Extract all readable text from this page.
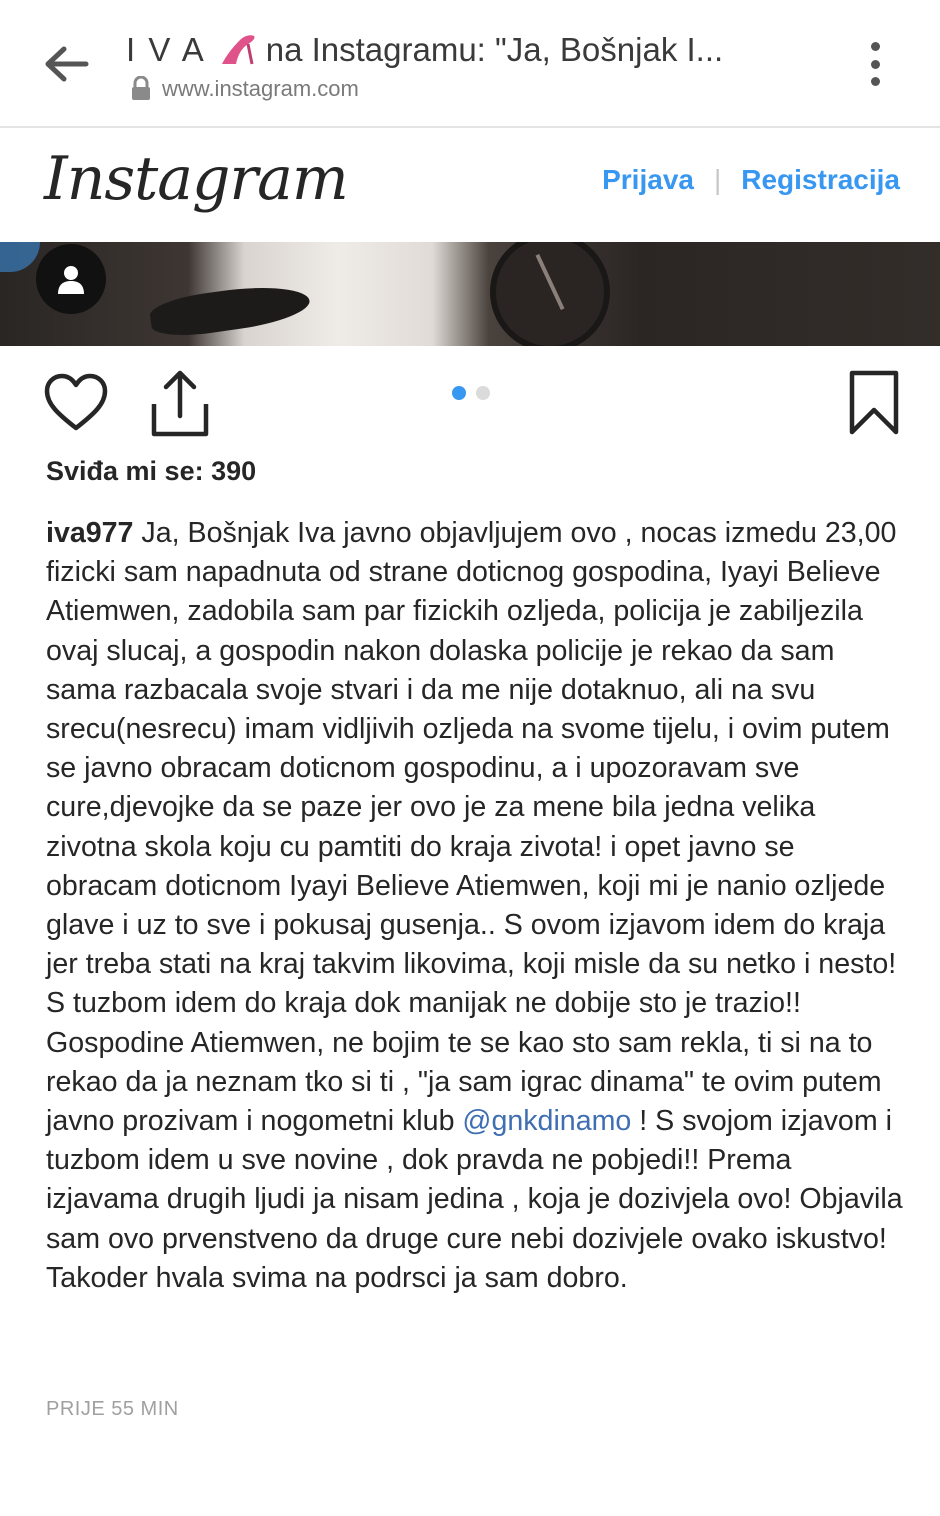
I V A na Instagramu: "Ja, Bošnjak I...
www.instagram.com
Instagram	Prijava | Registracija
Sviđa mi se: 390
iva977 Ja, Bošnjak Iva javno objavljujem ovo , nocas izmedu 23,00 fizicki sam napadnuta od strane doticnog gospodina, Iyayi Believe Atiemwen, zadobila sam par fizickih ozljeda, policija je zabiljezila ovaj slucaj, a gospodin nakon dolaska policije je rekao da sam sama razbacala svoje stvari i da me nije dotaknuo, ali na svu srecu(nesrecu) imam vidljivih ozljeda na svome tijelu, i ovim putem se javno obracam doticnom gospodinu, a i upozoravam sve cure,djevojke da se paze jer ovo je za mene bila jedna velika zivotna skola koju cu pamtiti do kraja zivota! i opet javno se obracam doticnom Iyayi Believe Atiemwen, koji mi je nanio ozljede glave i uz to sve i pokusaj gusenja.. S ovom izjavom idem do kraja jer treba stati na kraj takvim likovima, koji misle da su netko i nesto! S tuzbom idem do kraja dok manijak ne dobije sto je trazio!! Gospodine Atiemwen, ne bojim te se kao sto sam rekla, ti si na to rekao da ja neznam tko si ti , "ja sam igrac dinama" te ovim putem javno prozivam i nogometni klub @gnkdinamo ! S svojom izjavom i tuzbom idem u sve novine , dok pravda ne pobjedi!! Prema izjavama drugih ljudi ja nisam jedina , koja je dozivjela ovo! Objavila sam ovo prvenstveno da druge cure nebi dozivjele ovako iskustvo! Takoder hvala svima na podrsci ja sam dobro.
PRIJE 55 MIN
